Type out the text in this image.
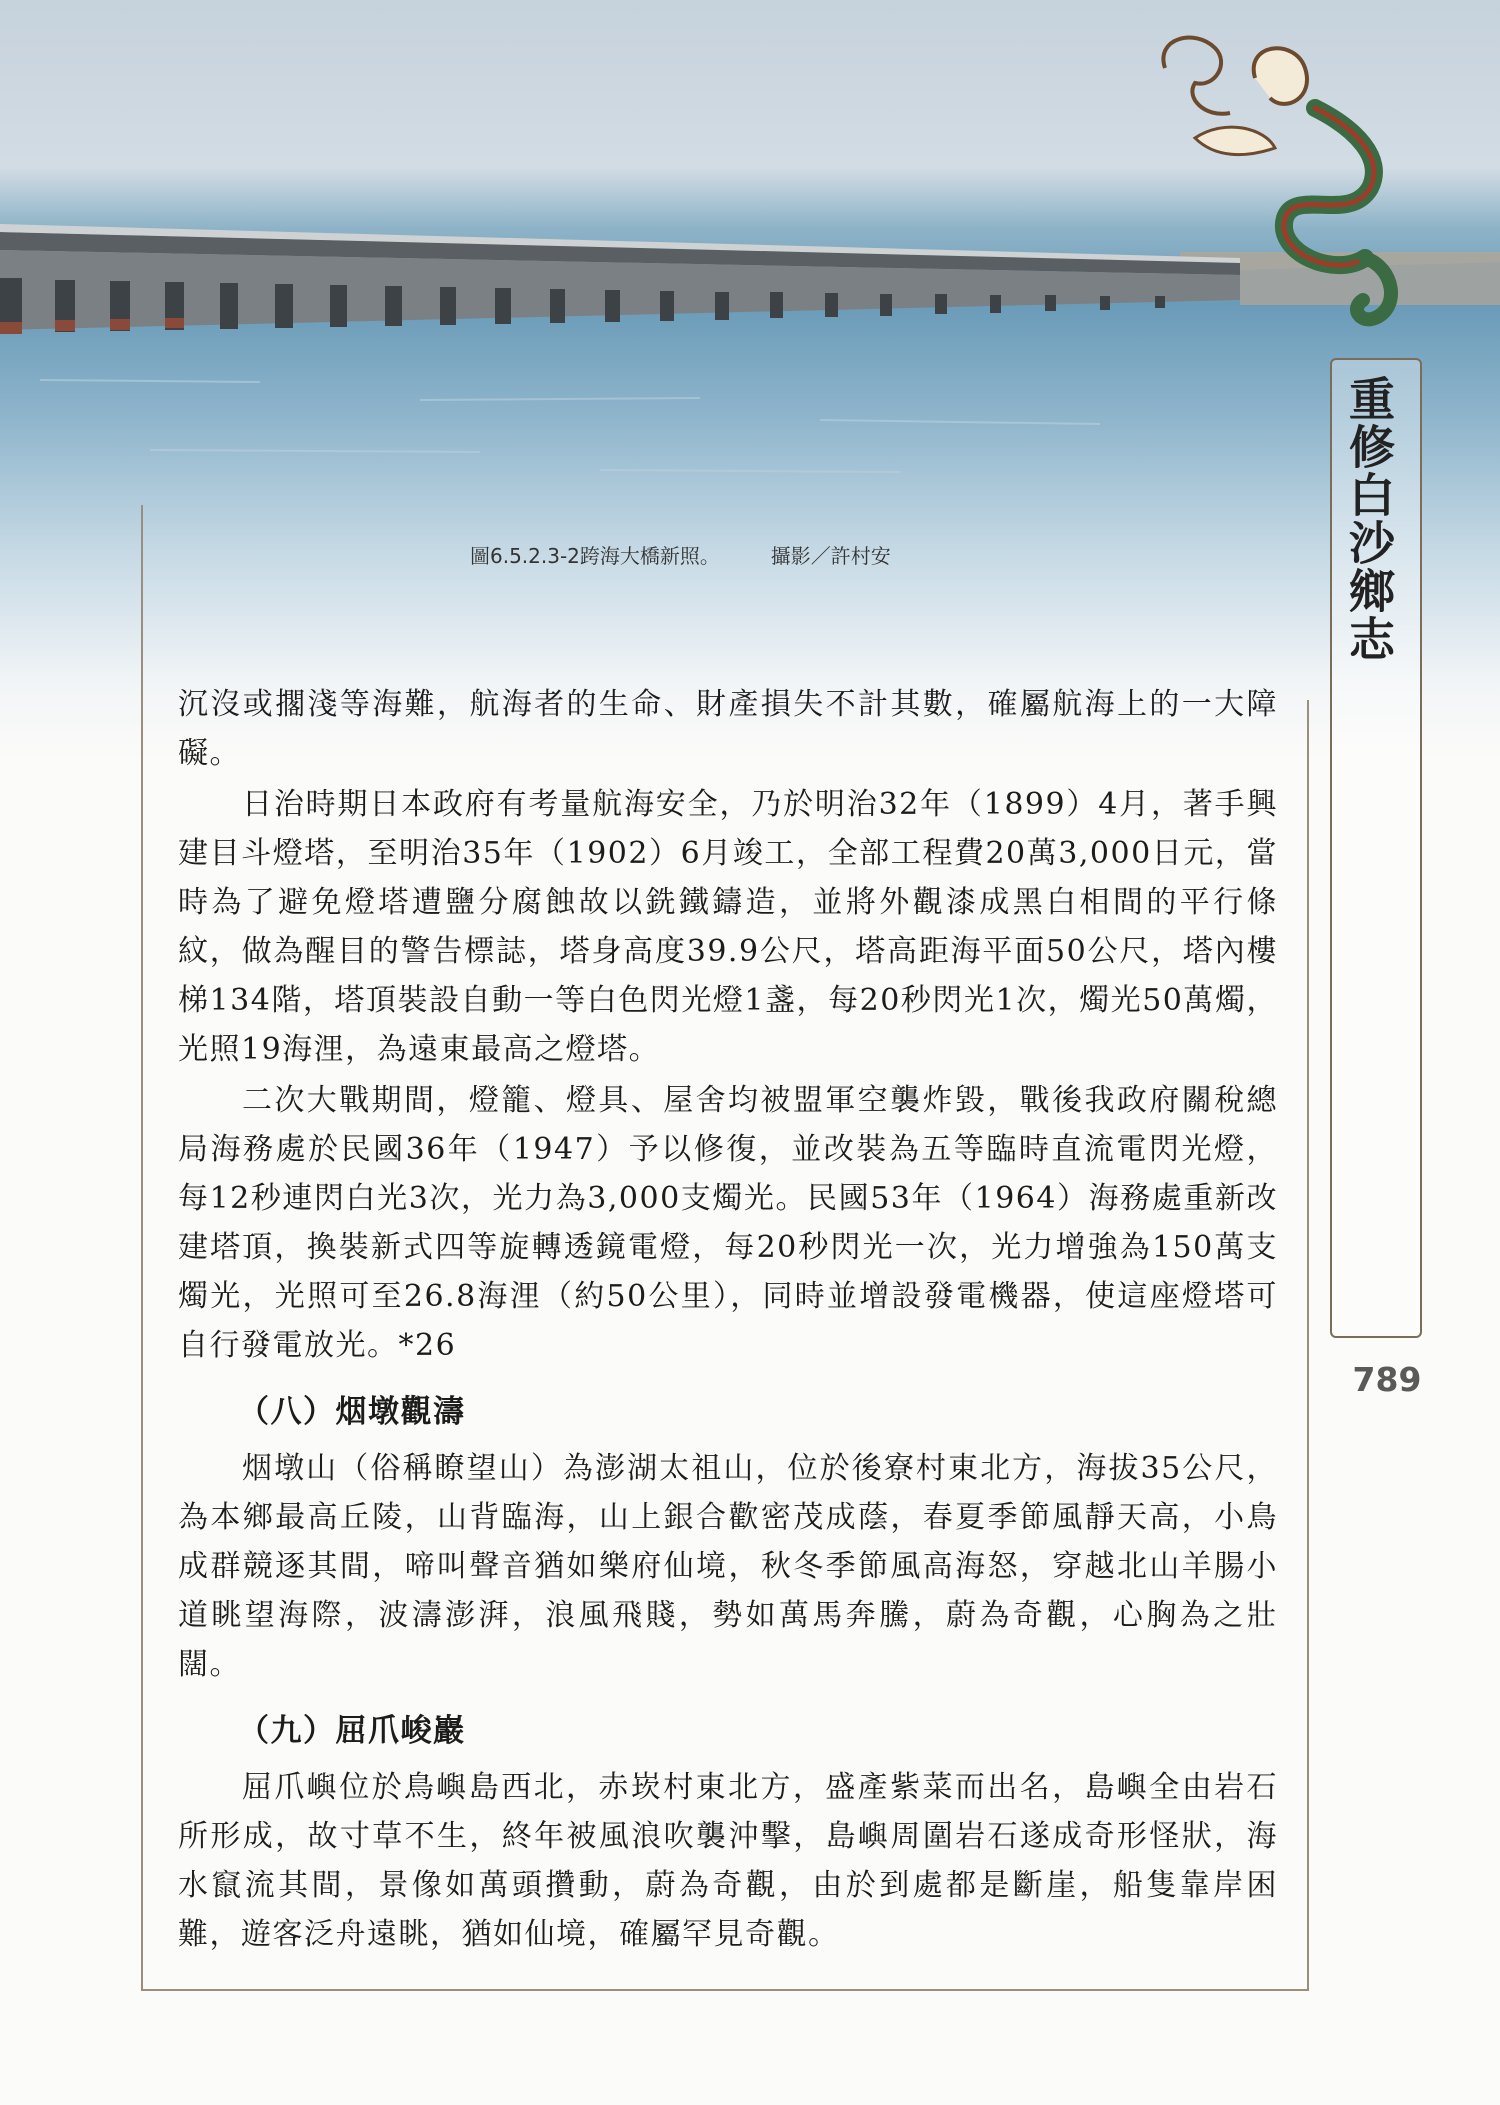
重修白沙鄉志
789
圖6.5.2.3-2跨海大橋新照。	攝影／許村安

沉沒或擱淺等海難，航海者的生命、財產損失不計其數，確屬航海上的一大障礙。

日治時期日本政府有考量航海安全，乃於明治32年（1899）4月，著手興建目斗燈塔，至明治35年（1902）6月竣工，全部工程費20萬3,000日元，當時為了避免燈塔遭鹽分腐蝕故以銑鐵鑄造，並將外觀漆成黑白相間的平行條紋，做為醒目的警告標誌，塔身高度39.9公尺，塔高距海平面50公尺，塔內樓梯134階，塔頂裝設自動一等白色閃光燈1盞，每20秒閃光1次，燭光50萬燭，光照19海浬，為遠東最高之燈塔。

二次大戰期間，燈籠、燈具、屋舍均被盟軍空襲炸毀，戰後我政府關稅總局海務處於民國36年（1947）予以修復，並改裝為五等臨時直流電閃光燈，每12秒連閃白光3次，光力為3,000支燭光。民國53年（1964）海務處重新改建塔頂，換裝新式四等旋轉透鏡電燈，每20秒閃光一次，光力增強為150萬支燭光，光照可至26.8海浬（約50公里），同時並增設發電機器，使這座燈塔可自行發電放光。*26

（八）烟墩觀濤

烟墩山（俗稱瞭望山）為澎湖太祖山，位於後寮村東北方，海拔35公尺，為本鄉最高丘陵，山背臨海，山上銀合歡密茂成蔭，春夏季節風靜天高，小鳥成群競逐其間，啼叫聲音猶如樂府仙境，秋冬季節風高海怒，穿越北山羊腸小道眺望海際，波濤澎湃，浪風飛賤，勢如萬馬奔騰，蔚為奇觀，心胸為之壯闊。

（九）屈爪峻巖

屈爪嶼位於鳥嶼島西北，赤崁村東北方，盛產紫菜而出名，島嶼全由岩石所形成，故寸草不生，終年被風浪吹襲沖擊，島嶼周圍岩石遂成奇形怪狀，海水竄流其間，景像如萬頭攢動，蔚為奇觀，由於到處都是斷崖，船隻靠岸困難，遊客泛舟遠眺，猶如仙境，確屬罕見奇觀。
